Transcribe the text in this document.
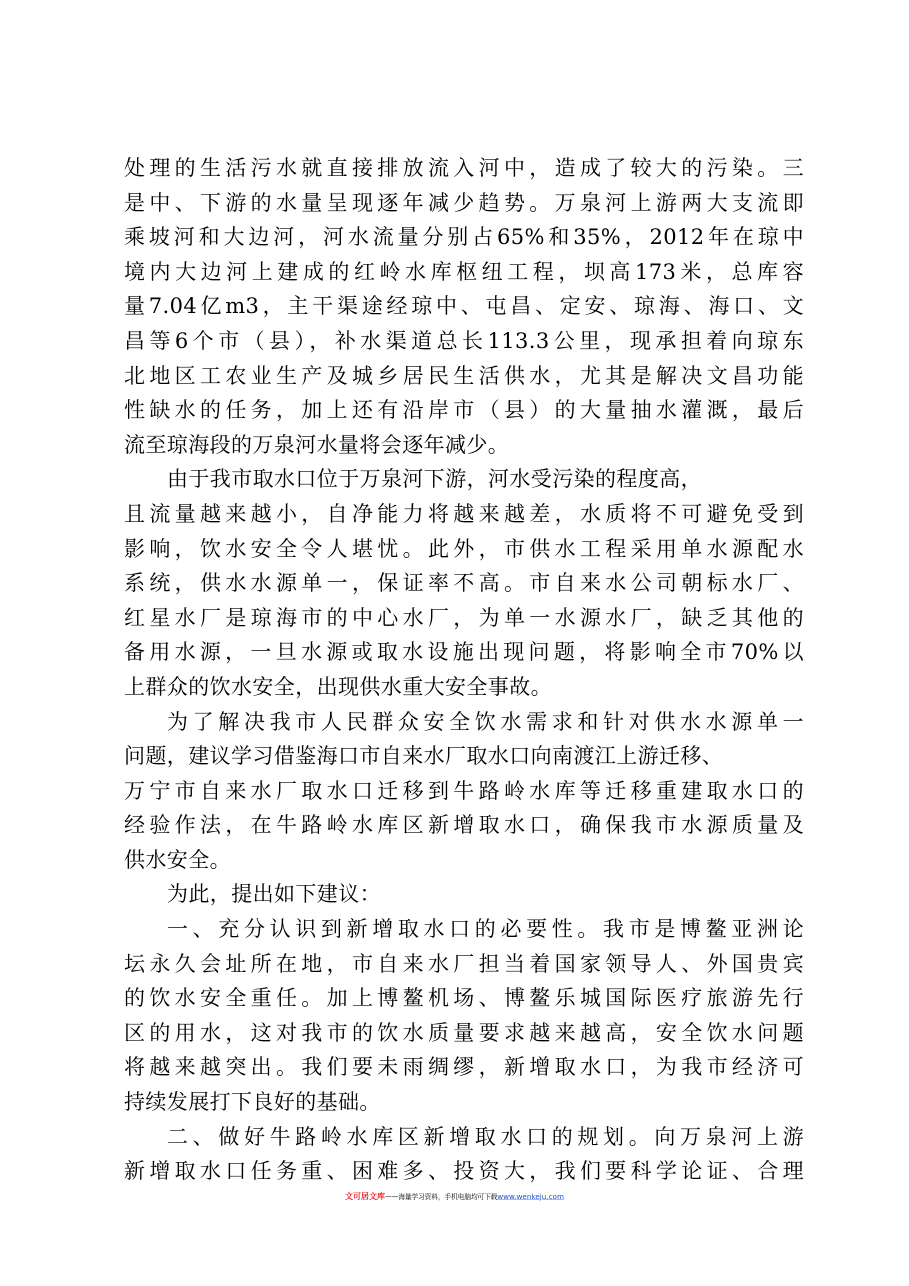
处理的生活污水就直接排放流入河中，造成了较大的污染。三
是中、下游的水量呈现逐年减少趋势。万泉河上游两大支流即
乘坡河和大边河，河水流量分别占65%和35%，2012年在琼中
境内大边河上建成的红岭水库枢纽工程，坝高173米，总库容
量7.04亿m3，主干渠途经琼中、屯昌、定安、琼海、海口、文
昌等6个市（县），补水渠道总长113.3公里，现承担着向琼东
北地区工农业生产及城乡居民生活供水，尤其是解决文昌功能
性缺水的任务，加上还有沿岸市（县）的大量抽水灌溉，最后
流至琼海段的万泉河水量将会逐年减少。
由于我市取水口位于万泉河下游，河水受污染的程度高，
且流量越来越小，自净能力将越来越差，水质将不可避免受到
影响，饮水安全令人堪忧。此外，市供水工程采用单水源配水
系统，供水水源单一，保证率不高。市自来水公司朝标水厂、
红星水厂是琼海市的中心水厂，为单一水源水厂，缺乏其他的
备用水源，一旦水源或取水设施出现问题，将影响全市70%以
上群众的饮水安全，出现供水重大安全事故。
为了解决我市人民群众安全饮水需求和针对供水水源单一
问题，建议学习借鉴海口市自来水厂取水口向南渡江上游迁移、
万宁市自来水厂取水口迁移到牛路岭水库等迁移重建取水口的
经验作法，在牛路岭水库区新增取水口，确保我市水源质量及
供水安全。
为此，提出如下建议：
一、充分认识到新增取水口的必要性。我市是博鳌亚洲论
坛永久会址所在地，市自来水厂担当着国家领导人、外国贵宾
的饮水安全重任。加上博鳌机场、博鳌乐城国际医疗旅游先行
区的用水，这对我市的饮水质量要求越来越高，安全饮水问题
将越来越突出。我们要未雨绸缪，新增取水口，为我市经济可
持续发展打下良好的基础。
二、做好牛路岭水库区新增取水口的规划。向万泉河上游
新增取水口任务重、困难多、投资大，我们要科学论证、合理
文可居文库——海量学习资料，手机电脑均可下载www.wenkeju.com
